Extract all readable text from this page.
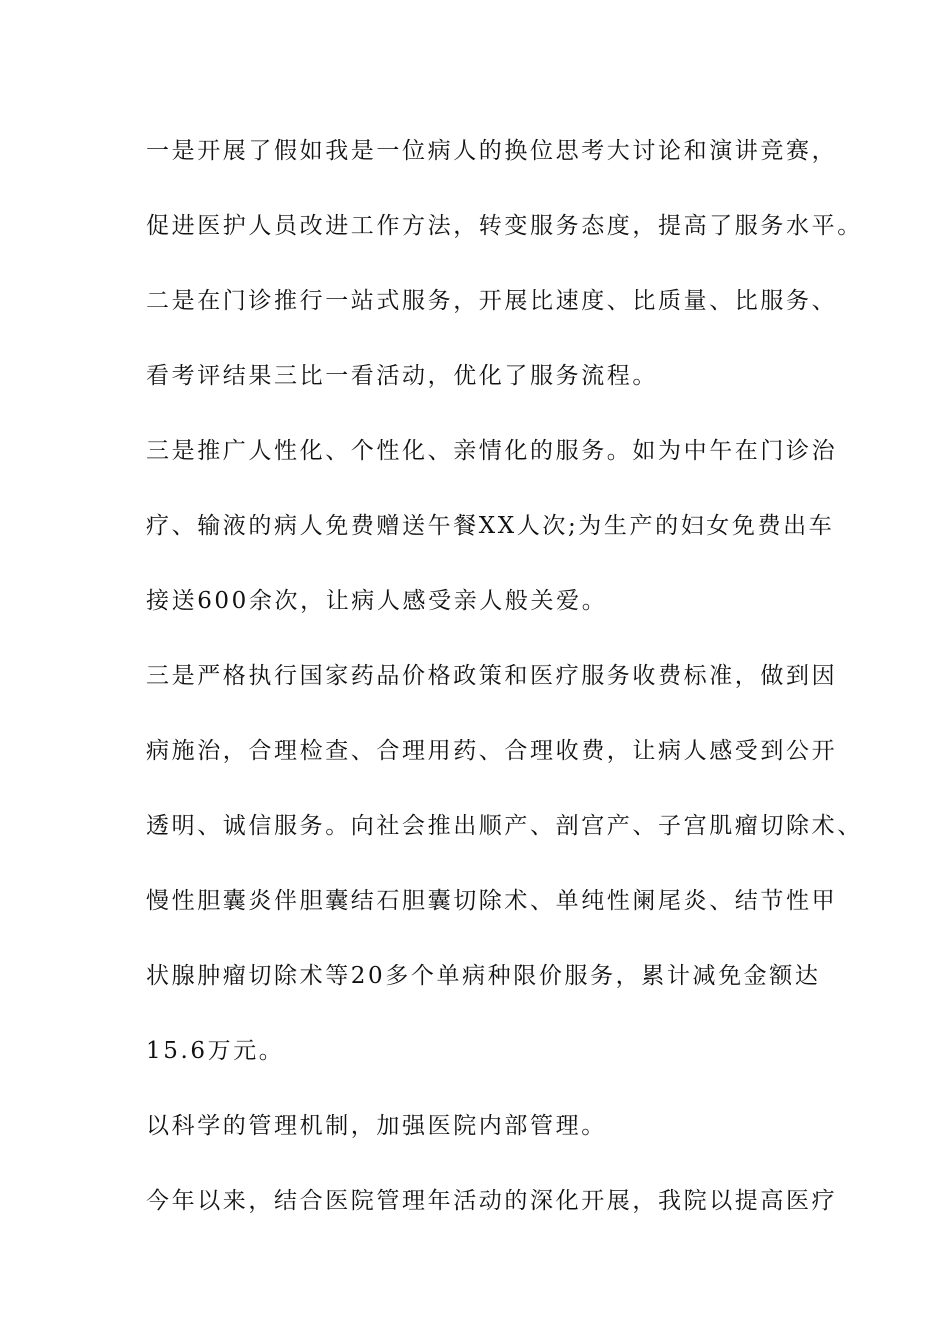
一是开展了假如我是一位病人的换位思考大讨论和演讲竞赛，
促进医护人员改进工作方法，转变服务态度，提高了服务水平。
二是在门诊推行一站式服务，开展比速度、比质量、比服务、
看考评结果三比一看活动，优化了服务流程。
三是推广人性化、个性化、亲情化的服务。如为中午在门诊治
疗、输液的病人免费赠送午餐XX人次;为生产的妇女免费出车
接送600余次，让病人感受亲人般关爱。
三是严格执行国家药品价格政策和医疗服务收费标准，做到因
病施治，合理检查、合理用药、合理收费，让病人感受到公开
透明、诚信服务。向社会推出顺产、剖宫产、子宫肌瘤切除术、
慢性胆囊炎伴胆囊结石胆囊切除术、单纯性阑尾炎、结节性甲
状腺肿瘤切除术等20多个单病种限价服务，累计减免金额达
15.6万元。
以科学的管理机制，加强医院内部管理。
今年以来，结合医院管理年活动的深化开展，我院以提高医疗
